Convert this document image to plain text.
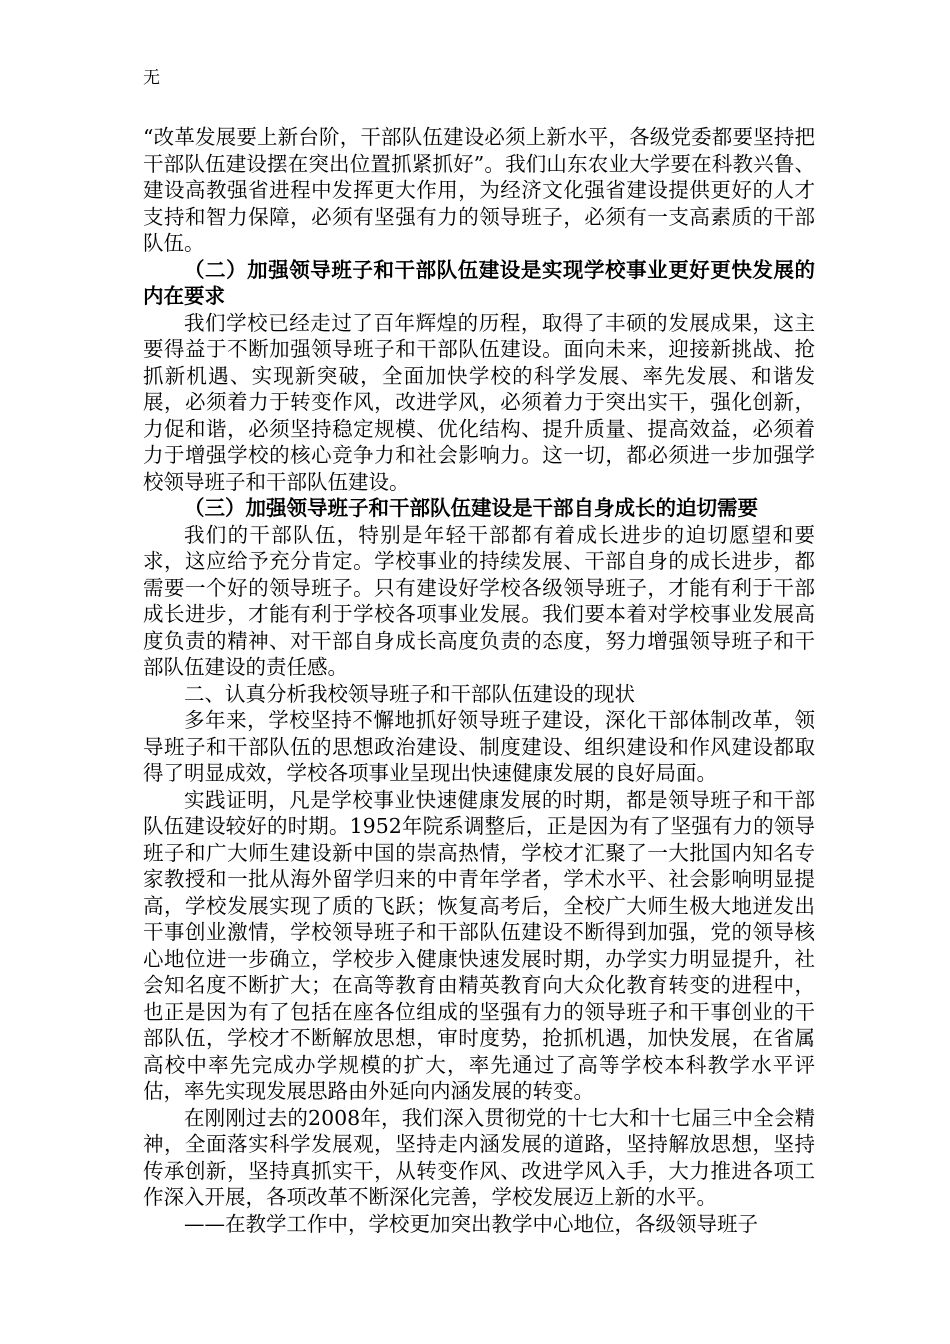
无

“改革发展要上新台阶，干部队伍建设必须上新水平，各级党委都要坚持把干部队伍建设摆在突出位置抓紧抓好”。我们山东农业大学要在科教兴鲁、建设高教强省进程中发挥更大作用，为经济文化强省建设提供更好的人才支持和智力保障，必须有坚强有力的领导班子，必须有一支高素质的干部队伍。

（二）加强领导班子和干部队伍建设是实现学校事业更好更快发展的内在要求

我们学校已经走过了百年辉煌的历程，取得了丰硕的发展成果，这主要得益于不断加强领导班子和干部队伍建设。面向未来，迎接新挑战、抢抓新机遇、实现新突破，全面加快学校的科学发展、率先发展、和谐发展，必须着力于转变作风，改进学风，必须着力于突出实干，强化创新，力促和谐，必须坚持稳定规模、优化结构、提升质量、提高效益，必须着力于增强学校的核心竞争力和社会影响力。这一切，都必须进一步加强学校领导班子和干部队伍建设。

（三）加强领导班子和干部队伍建设是干部自身成长的迫切需要

我们的干部队伍，特别是年轻干部都有着成长进步的迫切愿望和要求，这应给予充分肯定。学校事业的持续发展、干部自身的成长进步，都需要一个好的领导班子。只有建设好学校各级领导班子，才能有利于干部成长进步，才能有利于学校各项事业发展。我们要本着对学校事业发展高度负责的精神、对干部自身成长高度负责的态度，努力增强领导班子和干部队伍建设的责任感。

二、认真分析我校领导班子和干部队伍建设的现状

多年来，学校坚持不懈地抓好领导班子建设，深化干部体制改革，领导班子和干部队伍的思想政治建设、制度建设、组织建设和作风建设都取得了明显成效，学校各项事业呈现出快速健康发展的良好局面。

实践证明，凡是学校事业快速健康发展的时期，都是领导班子和干部队伍建设较好的时期。1952年院系调整后，正是因为有了坚强有力的领导班子和广大师生建设新中国的崇高热情，学校才汇聚了一大批国内知名专家教授和一批从海外留学归来的中青年学者，学术水平、社会影响明显提高，学校发展实现了质的飞跃；恢复高考后，全校广大师生极大地迸发出干事创业激情，学校领导班子和干部队伍建设不断得到加强，党的领导核心地位进一步确立，学校步入健康快速发展时期，办学实力明显提升，社会知名度不断扩大；在高等教育由精英教育向大众化教育转变的进程中，也正是因为有了包括在座各位组成的坚强有力的领导班子和干事创业的干部队伍，学校才不断解放思想，审时度势，抢抓机遇，加快发展，在省属高校中率先完成办学规模的扩大，率先通过了高等学校本科教学水平评估，率先实现发展思路由外延向内涵发展的转变。

在刚刚过去的2008年，我们深入贯彻党的十七大和十七届三中全会精神，全面落实科学发展观，坚持走内涵发展的道路，坚持解放思想，坚持传承创新，坚持真抓实干，从转变作风、改进学风入手，大力推进各项工作深入开展，各项改革不断深化完善，学校发展迈上新的水平。

——在教学工作中，学校更加突出教学中心地位，各级领导班子
